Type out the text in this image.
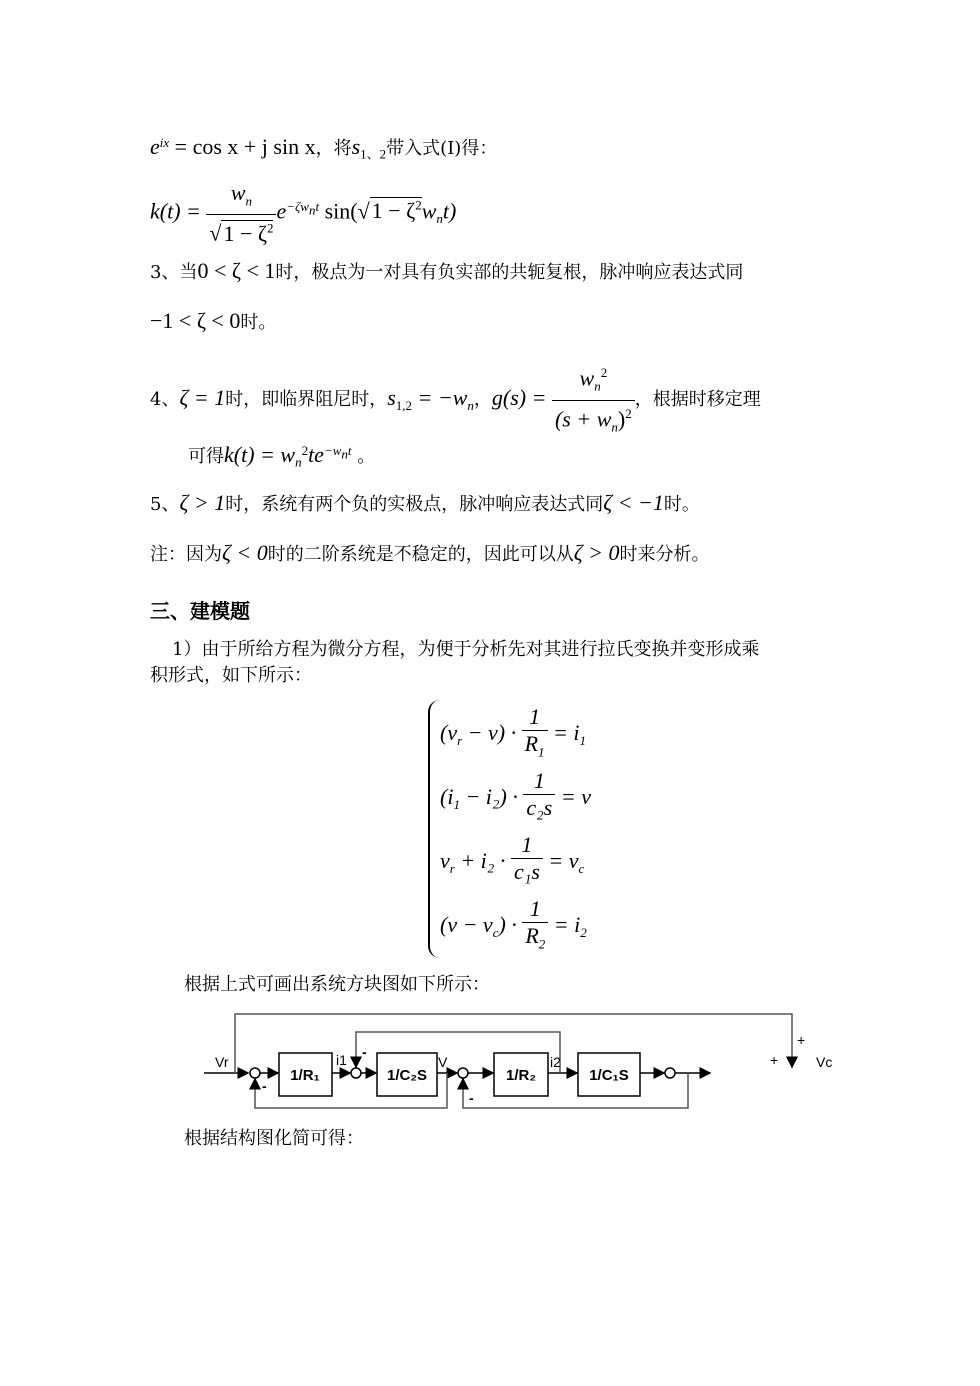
$e^{ix} = \cos x + j$ sin x，将$s_{1、2}$带入式(I)得：
$k(t) = \frac{w_n}{√1 - \zeta^2} e^{-\zeta w_nt}$ $\sin(√1 - \zeta^2w_nt)$
3、当0 < ζ < 1时，极点为一对具有负实部的共轭复根，脉冲响应表达式同
−1 < ζ < 0时。
4、ζ = 1时，即临界阻尼时，$s_{1,2} = -w_n$，$g(s) = \frac{w_n^2}{(s + w_n)^2}$ ，根据时移定理
可得$k(t) = w_n^2te^{-w_nt}$ 。
5、ζ > 1时，系统有两个负的实极点，脉冲响应表达式同ζ < −1时。
注：因为ζ < 0时的二阶系统是不稳定的，因此可以从ζ > 0时来分析。
三、建模题
1）由于所给方程为微分方程，为便于分析先对其进行拉氏变换并变形成乘
积形式，如下所示：
$(v_r - v) \cdot \frac{1}{R_1} = i_1$
$(i_1 - i_2) \cdot \frac{1}{\text{c₂s}} = v$
$v_r + i_2 \cdot \frac{1}{\text{c₁s}} = v_c$
$(v - v_c) \cdot \frac{1}{R_2} = i_2$
根据上式可画出系统方块图如下所示：
1/R₁	1/C₂S	1/R₂	1/C₁S
Vr	i1	V	i2	Vc
-
-
-
+
+
根据结构图化简可得：
